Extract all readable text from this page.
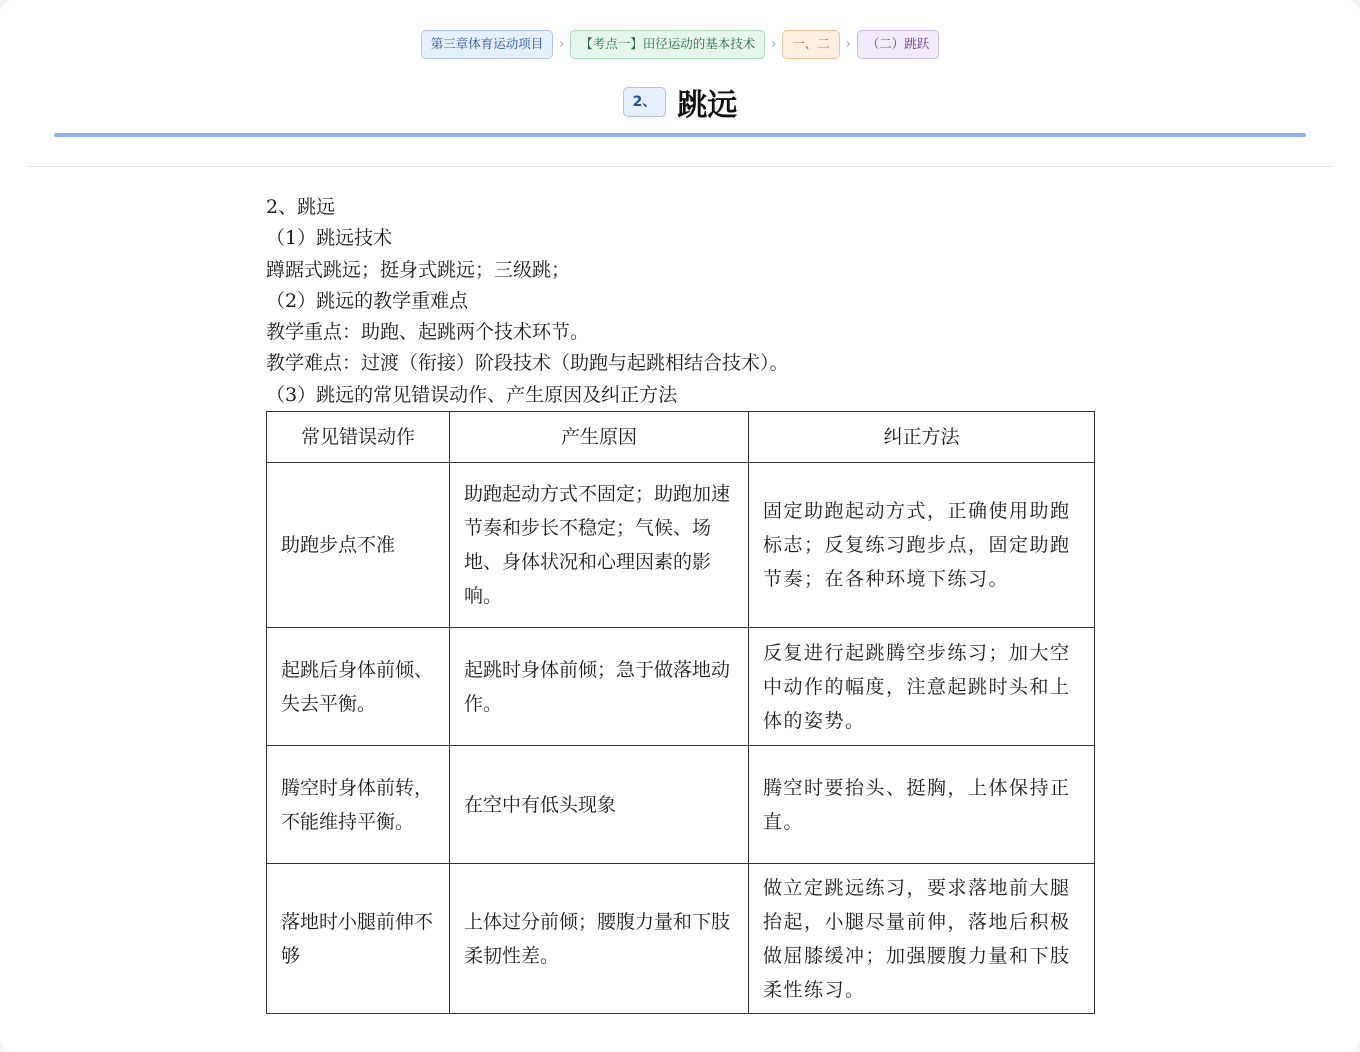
第三章体育运动项目	›	【考点一】田径运动的基本技术	›	一、二	›	（二）跳跃
2、 跳远
2、跳远
（1）跳远技术
蹲踞式跳远；挺身式跳远；三级跳；
（2）跳远的教学重难点
教学重点：助跑、起跳两个技术环节。
教学难点：过渡（衔接）阶段技术（助跑与起跳相结合技术）。
（3）跳远的常见错误动作、产生原因及纠正方法
常见错误动作	产生原因	纠正方法
助跑步点不准	助跑起动方式不固定；助跑加速节奏和步长不稳定；气候、场地、身体状况和心理因素的影响。	固定助跑起动方式，正确使用助跑标志；反复练习跑步点，固定助跑节奏；在各种环境下练习。
起跳后身体前倾、失去平衡。	起跳时身体前倾；急于做落地动作。	反复进行起跳腾空步练习；加大空中动作的幅度，注意起跳时头和上体的姿势。
腾空时身体前转，不能维持平衡。	在空中有低头现象	腾空时要抬头、挺胸，上体保持正直。
落地时小腿前伸不够	上体过分前倾；腰腹力量和下肢柔韧性差。	做立定跳远练习，要求落地前大腿抬起，小腿尽量前伸，落地后积极做屈膝缓冲；加强腰腹力量和下肢柔性练习。
